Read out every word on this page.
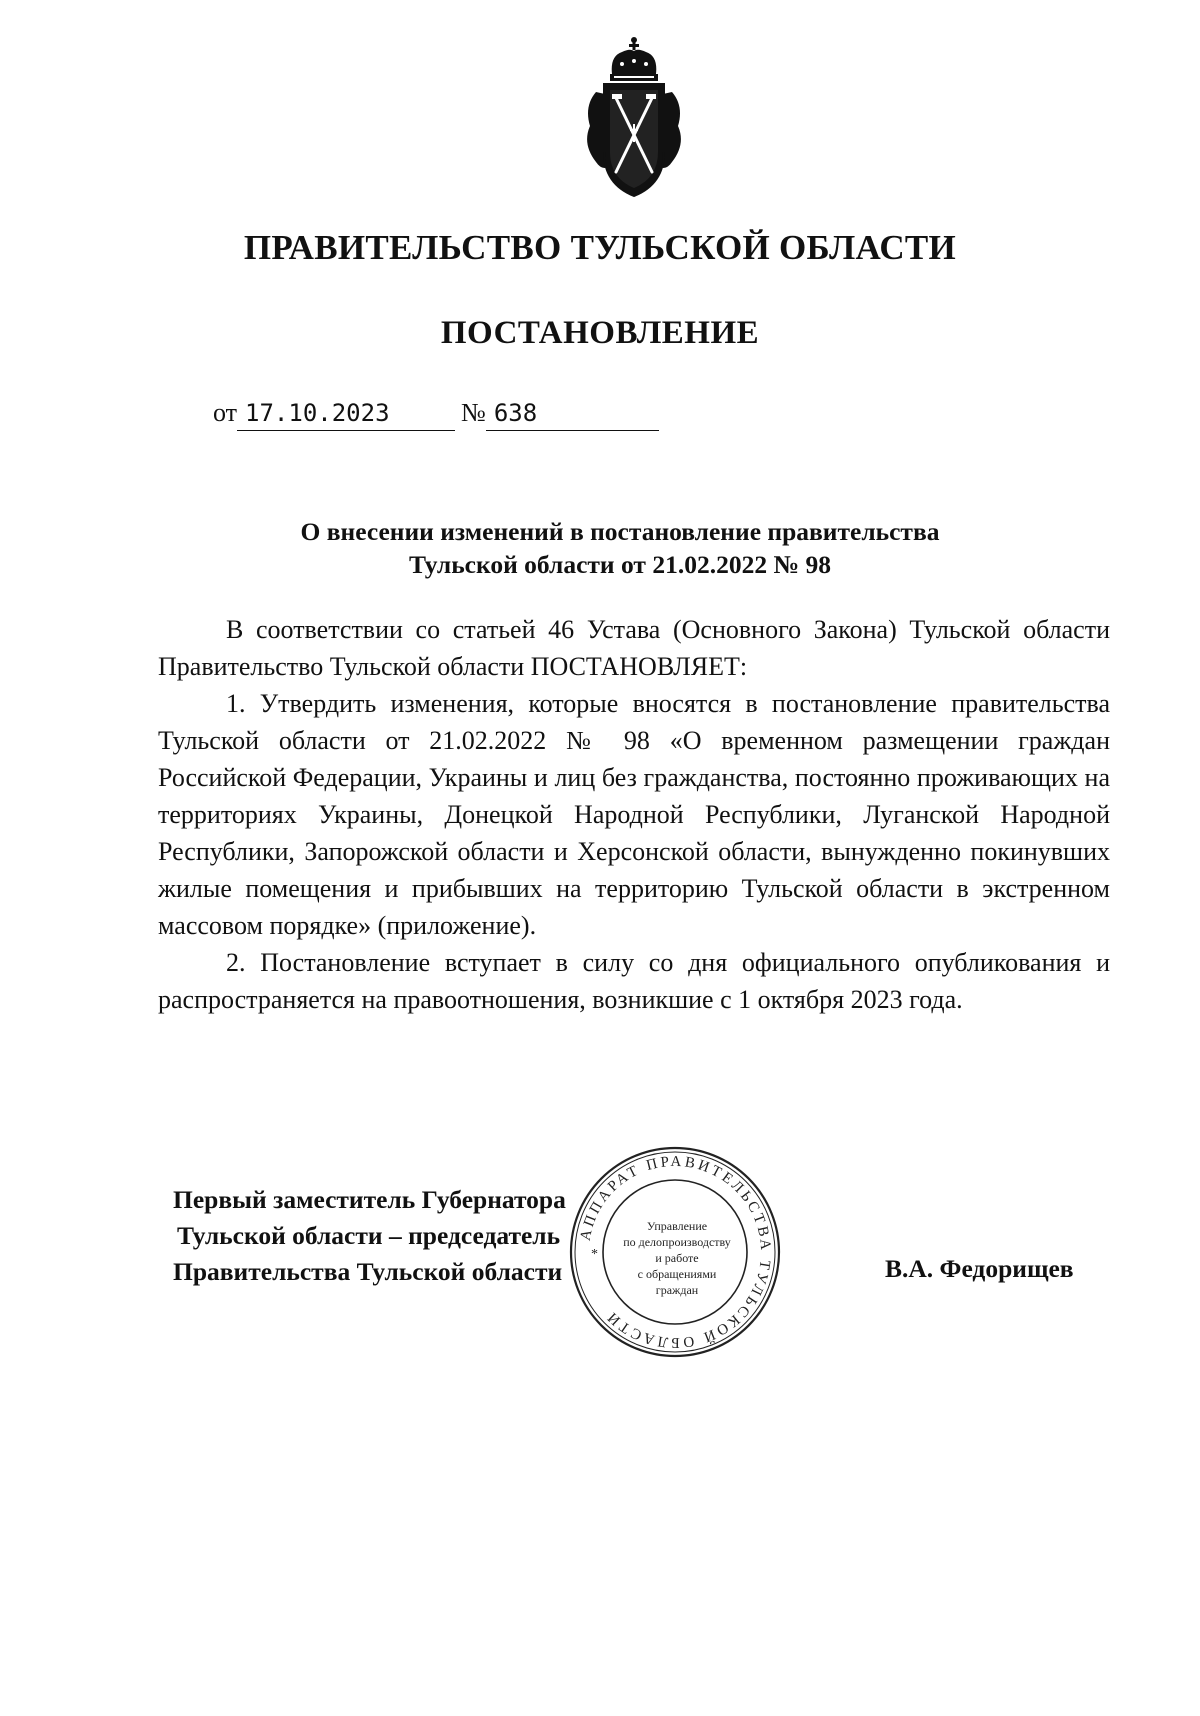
ПРАВИТЕЛЬСТВО ТУЛЬСКОЙ ОБЛАСТИ
ПОСТАНОВЛЕНИЕ
от 17.10.2023	№ 638
О внесении изменений в постановление правительства
Тульской области от 21.02.2022 № 98

В соответствии со статьей 46 Устава (Основного Закона) Тульской области Правительство Тульской области ПОСТАНОВЛЯЕТ:

1. Утвердить изменения, которые вносятся в постановление правительства Тульской области от 21.02.2022 № 98 «О временном размещении граждан Российской Федерации, Украины и лиц без гражданства, постоянно проживающих на территориях Украины, Донецкой Народной Республики, Луганской Народной Республики, Запорожской области и Херсонской области, вынужденно покинувших жилые помещения и прибывших на территорию Тульской области в экстренном массовом порядке» (приложение).

2. Постановление вступает в силу со дня официального опубликования и распространяется на правоотношения, возникшие с 1 октября 2023 года.

Первый заместитель Губернатора
Тульской области – председатель
Правительства Тульской области	В.А. Федорищев
АППАРАТ ПРАВИТЕЛЬСТВА ТУЛЬСКОЙ ОБЛАСТИ
*
Управление
по делопроизводству
и работе
с обращениями
граждан
